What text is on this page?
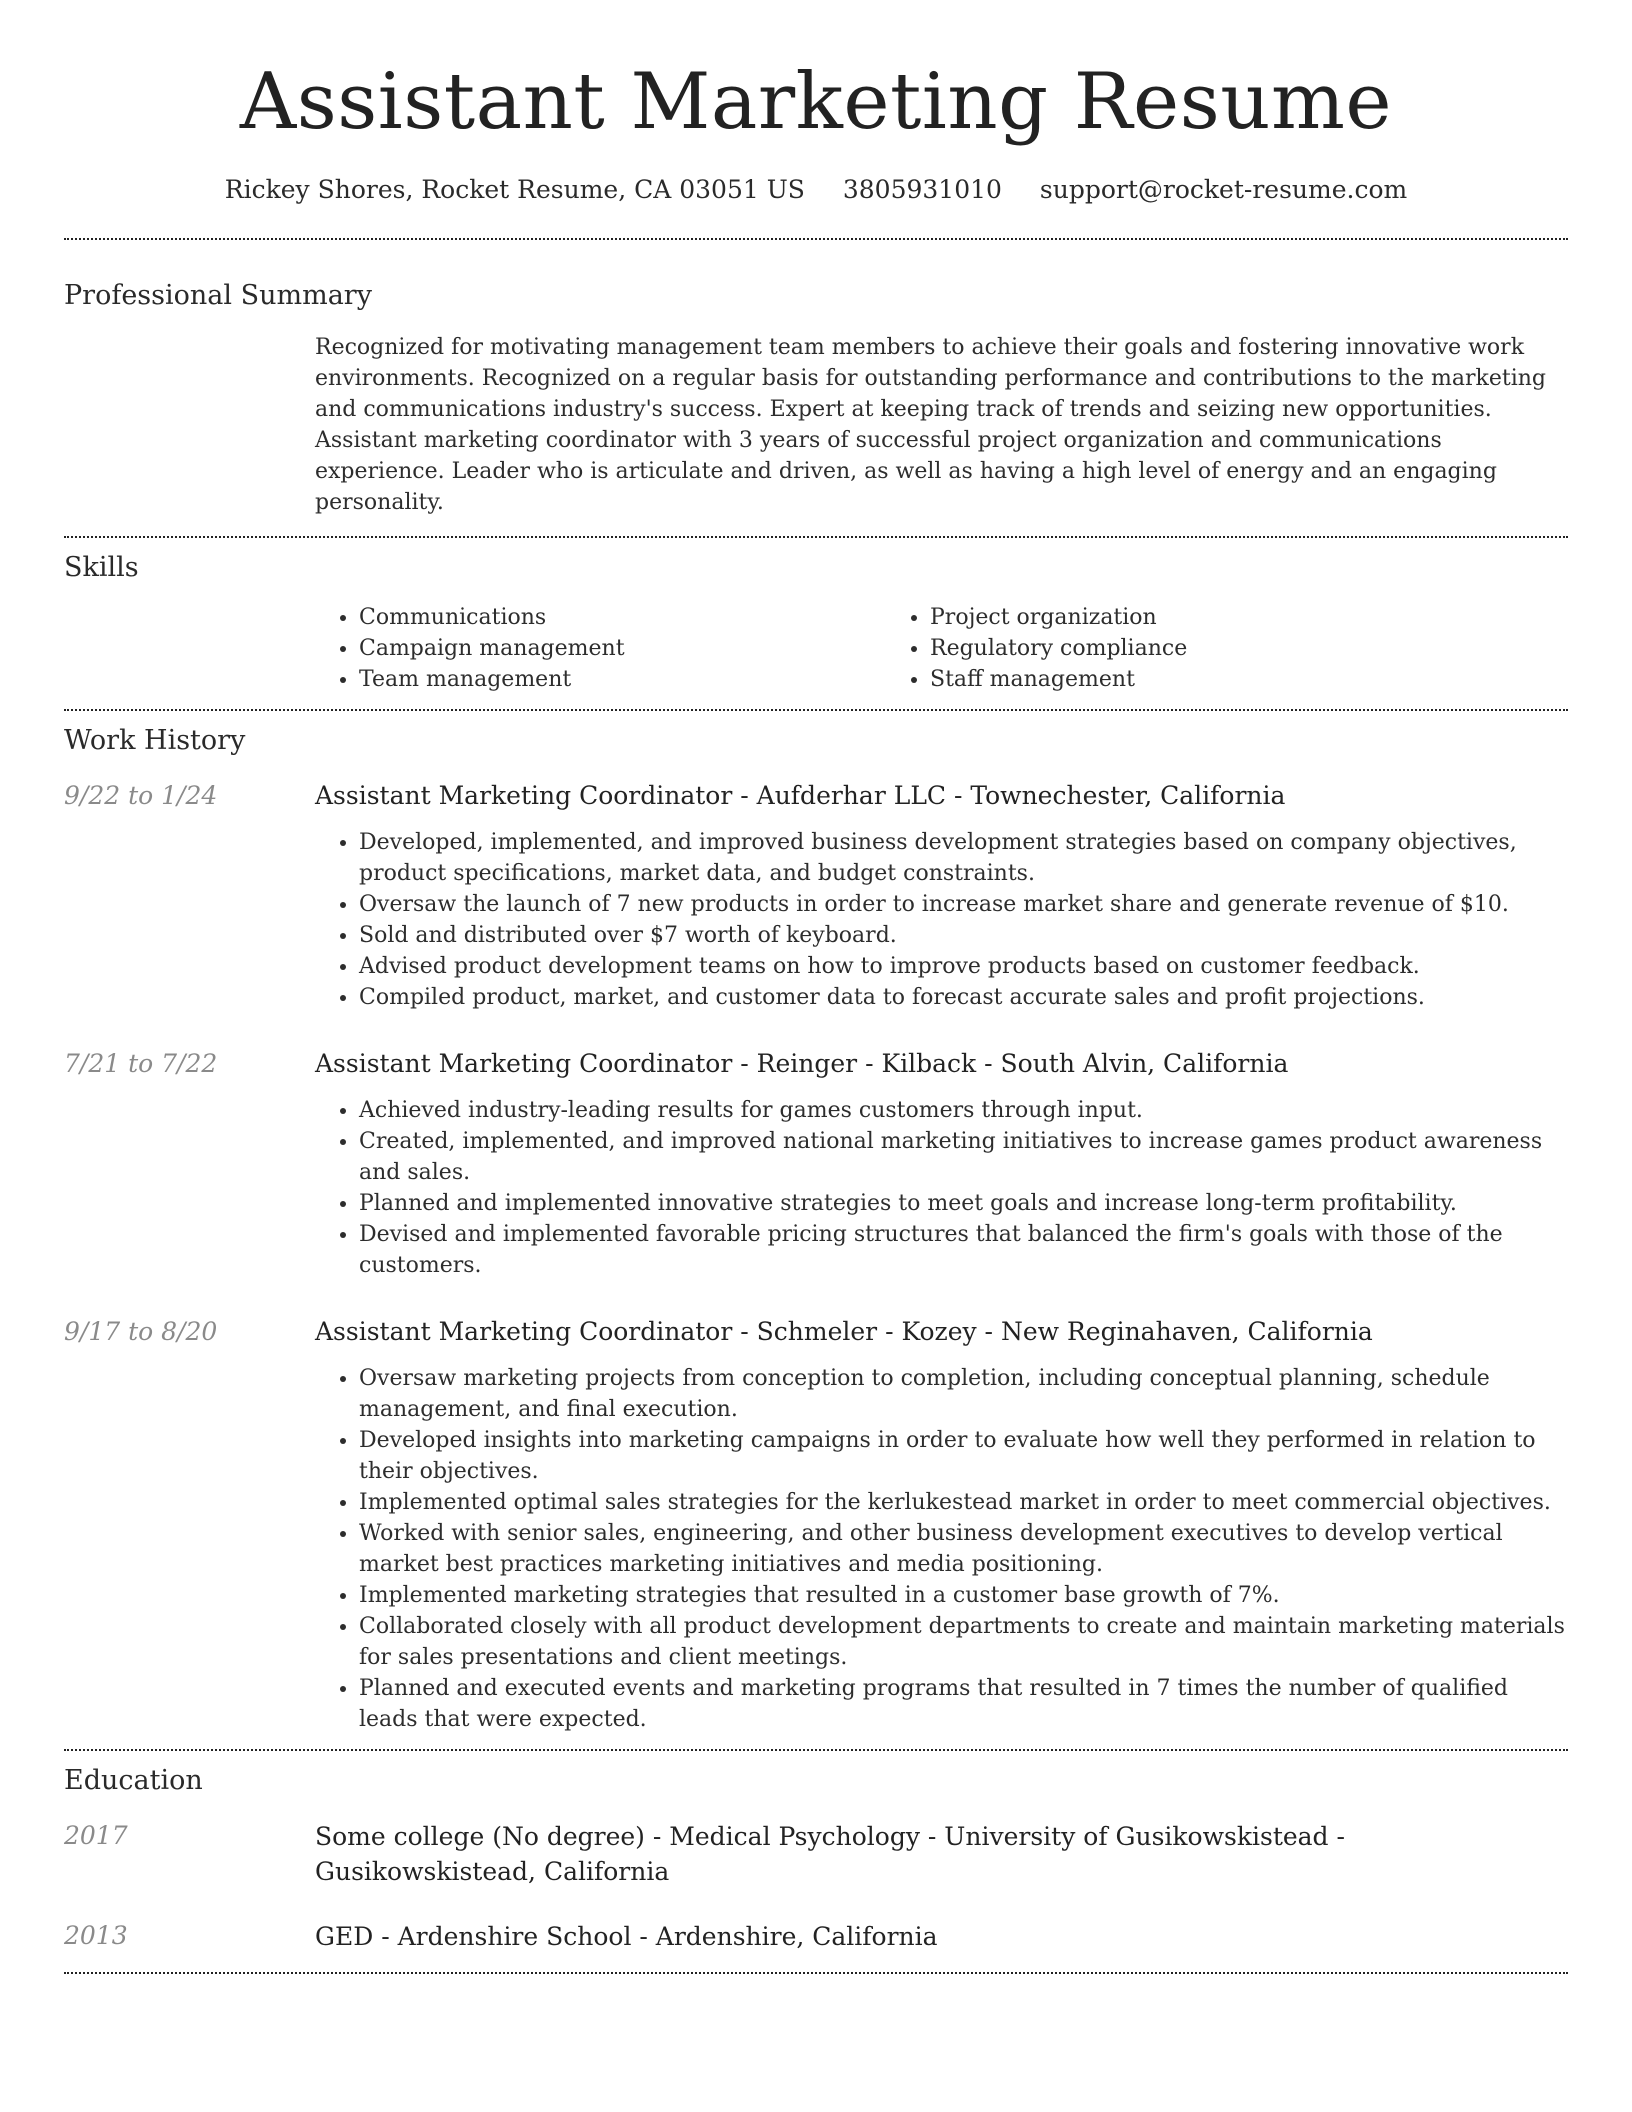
Assistant Marketing Resume
Rickey Shores, Rocket Resume, CA 03051 US 3805931010 support@rocket-resume.com
Professional Summary

Recognized for motivating management team members to achieve their goals and fostering innovative work environments. Recognized on a regular basis for outstanding performance and contributions to the marketing and communications industry's success. Expert at keeping track of trends and seizing new opportunities. Assistant marketing coordinator with 3 years of successful project organization and communications experience. Leader who is articulate and driven, as well as having a high level of energy and an engaging personality.

Skills
• Communications
• Campaign management
• Team management
• Project organization
• Regulatory compliance
• Staff management
Work History
9/22 to 1/24	Assistant Marketing Coordinator - Aufderhar LLC - Townechester, California
• Developed, implemented, and improved business development strategies based on company objectives, product specifications, market data, and budget constraints.
• Oversaw the launch of 7 new products in order to increase market share and generate revenue of $10.
• Sold and distributed over $7 worth of keyboard.
• Advised product development teams on how to improve products based on customer feedback.
• Compiled product, market, and customer data to forecast accurate sales and profit projections.
7/21 to 7/22	Assistant Marketing Coordinator - Reinger - Kilback - South Alvin, California
• Achieved industry-leading results for games customers through input.
• Created, implemented, and improved national marketing initiatives to increase games product awareness and sales.
• Planned and implemented innovative strategies to meet goals and increase long-term profitability.
• Devised and implemented favorable pricing structures that balanced the firm's goals with those of the customers.
9/17 to 8/20	Assistant Marketing Coordinator - Schmeler - Kozey - New Reginahaven, California
• Oversaw marketing projects from conception to completion, including conceptual planning, schedule management, and final execution.
• Developed insights into marketing campaigns in order to evaluate how well they performed in relation to their objectives.
• Implemented optimal sales strategies for the kerlukestead market in order to meet commercial objectives.
• Worked with senior sales, engineering, and other business development executives to develop vertical market best practices marketing initiatives and media positioning.
• Implemented marketing strategies that resulted in a customer base growth of 7%.
• Collaborated closely with all product development departments to create and maintain marketing materials for sales presentations and client meetings.
• Planned and executed events and marketing programs that resulted in 7 times the number of qualified leads that were expected.
Education
2017	Some college (No degree) - Medical Psychology - University of Gusikowskistead - Gusikowskistead, California
2013	GED - Ardenshire School - Ardenshire, California
